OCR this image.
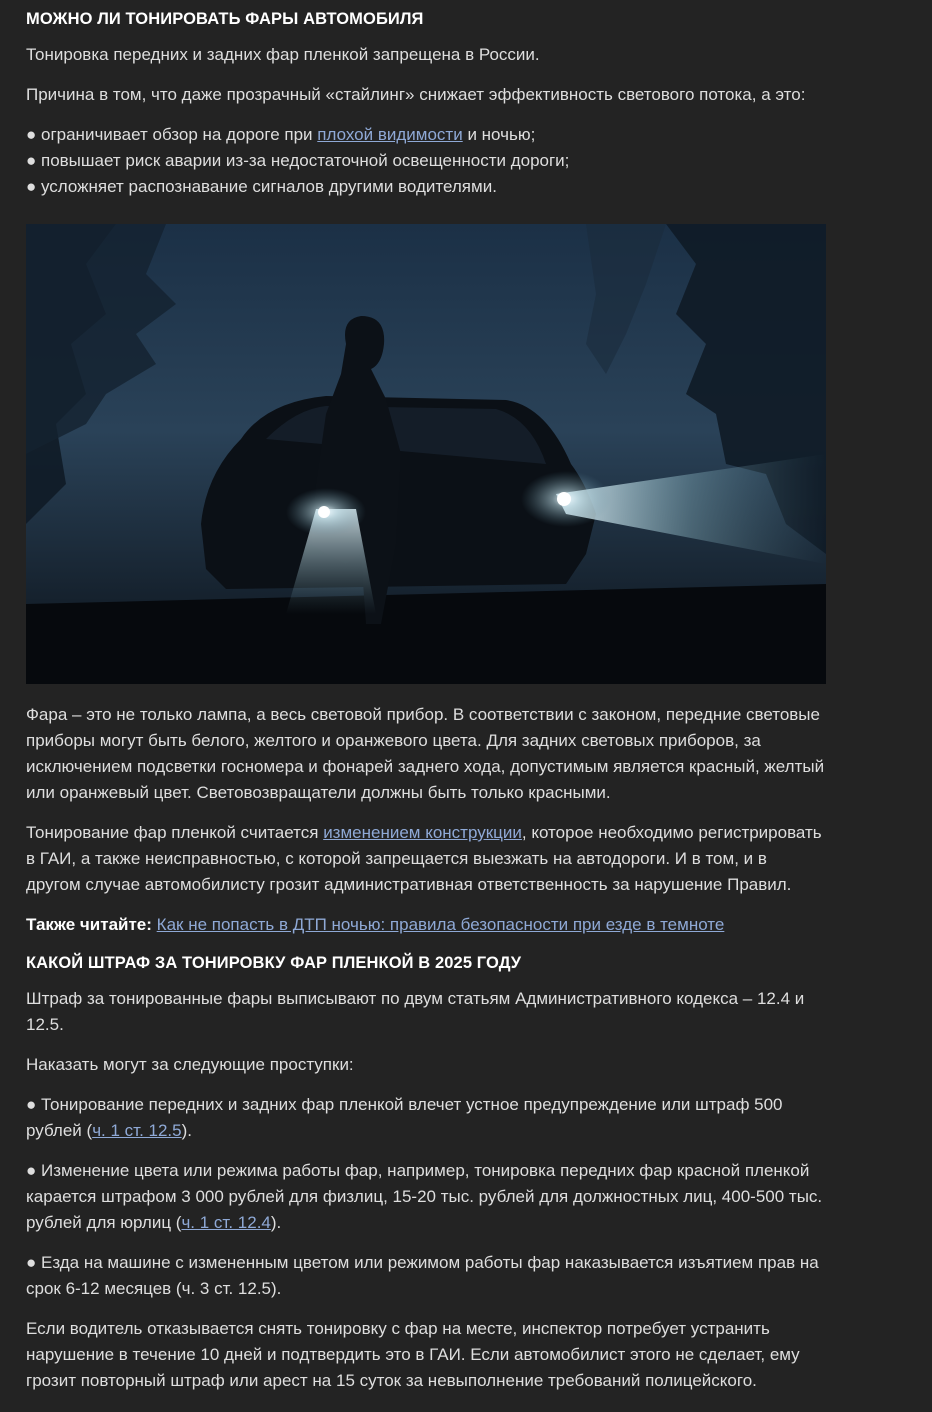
МОЖНО ЛИ ТОНИРОВАТЬ ФАРЫ АВТОМОБИЛЯ

Тонировка передних и задних фар пленкой запрещена в России.

Причина в том, что даже прозрачный «стайлинг» снижает эффективность светового потока, а это:

● ограничивает обзор на дороге при плохой видимости и ночью;
● повышает риск аварии из-за недостаточной освещенности дороги;
● усложняет распознавание сигналов другими водителями.

Фара – это не только лампа, а весь световой прибор. В соответствии с законом, передние световые приборы могут быть белого, желтого и оранжевого цвета. Для задних световых приборов, за исключением подсветки госномера и фонарей заднего хода, допустимым является красный, желтый или оранжевый цвет. Световозвращатели должны быть только красными.

Тонирование фар пленкой считается изменением конструкции, которое необходимо регистрировать в ГАИ, а также неисправностью, с которой запрещается выезжать на автодороги. И в том, и в другом случае автомобилисту грозит административная ответственность за нарушение Правил.

Также читайте: Как не попасть в ДТП ночью: правила безопасности при езде в темноте

КАКОЙ ШТРАФ ЗА ТОНИРОВКУ ФАР ПЛЕНКОЙ В 2025 ГОДУ

Штраф за тонированные фары выписывают по двум статьям Административного кодекса – 12.4 и 12.5.

Наказать могут за следующие проступки:

● Тонирование передних и задних фар пленкой влечет устное предупреждение или штраф 500 рублей (ч. 1 ст. 12.5).

● Изменение цвета или режима работы фар, например, тонировка передних фар красной пленкой карается штрафом 3 000 рублей для физлиц, 15-20 тыс. рублей для должностных лиц, 400-500 тыс. рублей для юрлиц (ч. 1 ст. 12.4).

● Езда на машине с измененным цветом или режимом работы фар наказывается изъятием прав на срок 6-12 месяцев (ч. 3 ст. 12.5).

Если водитель отказывается снять тонировку с фар на месте, инспектор потребует устранить нарушение в течение 10 дней и подтвердить это в ГАИ. Если автомобилист этого не сделает, ему грозит повторный штраф или арест на 15 суток за невыполнение требований полицейского.
